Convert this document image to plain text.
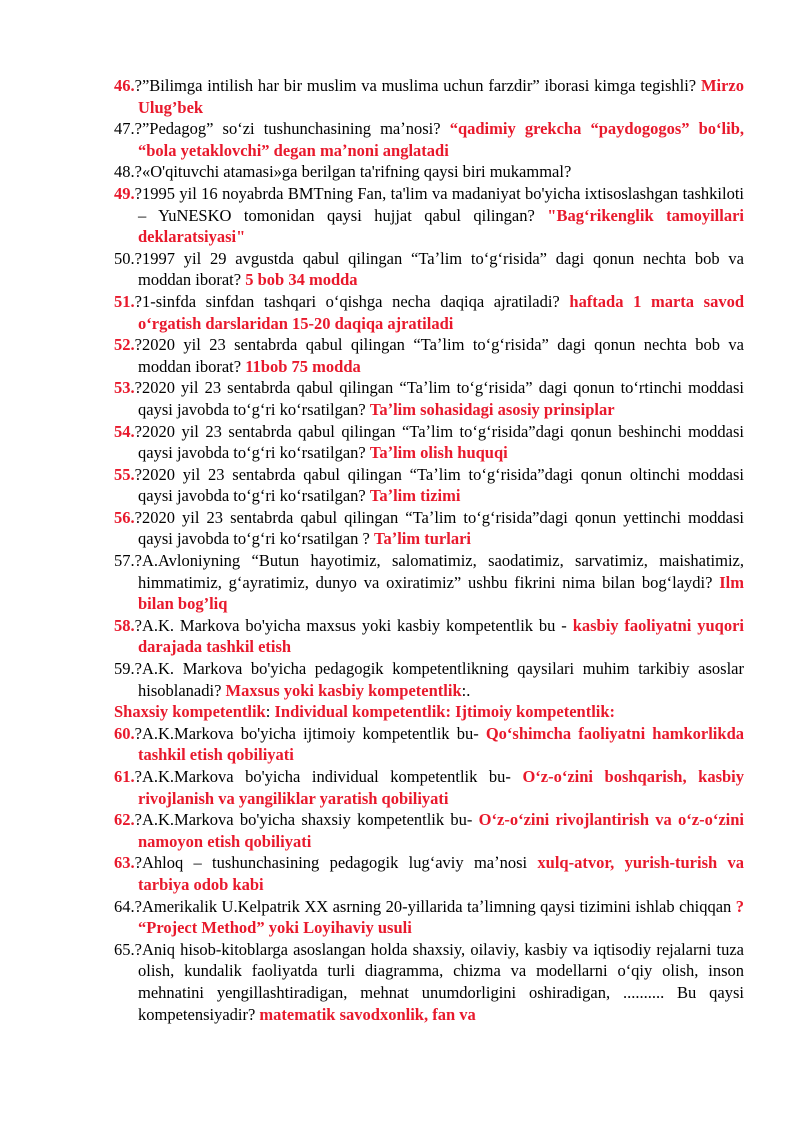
46.?”Bilimga intilish har bir muslim va muslima uchun farzdir” iborasi kimga tegishli? Mirzo Ulug’bek
47.?”Pedagog” soʻzi tushunchasining maʼnosi? “qadimiy grekcha “paydogogos” boʻlib, “bola yetaklovchi” degan maʼnoni anglatadi
48.?«O'qituvchi atamasi»ga berilgan ta'rifning qaysi biri mukammal?
49.?1995 yil 16 noyabrda BMTning Fan, ta'lim va madaniyat bo'yicha ixtisoslashgan tashkiloti – YuNESKO tomonidan qaysi hujjat qabul qilingan? "Bagʻrikenglik tamoyillari deklaratsiyasi"
50.?1997 yil 29 avgustda qabul qilingan “Taʼlim toʻgʻrisida” dagi qonun nechta bob va moddan iborat? 5 bob 34 modda
51.?1-sinfda sinfdan tashqari oʻqishga necha daqiqa ajratiladi? haftada 1 marta savod oʻrgatish darslaridan 15-20 daqiqa ajratiladi
52.?2020 yil 23 sentabrda qabul qilingan “Taʼlim toʻgʻrisida” dagi qonun nechta bob va moddan iborat? 11bob 75 modda
53.?2020 yil 23 sentabrda qabul qilingan “Taʼlim toʻgʻrisida” dagi qonun toʻrtinchi moddasi qaysi javobda toʻgʻri koʻrsatilgan? Taʼlim sohasidagi asosiy prinsiplar
54.?2020 yil 23 sentabrda qabul qilingan “Taʼlim toʻgʻrisida”dagi qonun beshinchi moddasi qaysi javobda toʻgʻri koʻrsatilgan? Taʼlim olish huquqi
55.?2020 yil 23 sentabrda qabul qilingan “Taʼlim toʻgʻrisida”dagi qonun oltinchi moddasi qaysi javobda toʻgʻri koʻrsatilgan? Taʼlim tizimi
56.?2020 yil 23 sentabrda qabul qilingan “Taʼlim toʻgʻrisida”dagi qonun yettinchi moddasi qaysi javobda toʻgʻri koʻrsatilgan ? Taʼlim turlari
57.?A.Avloniyning “Butun hayotimiz, salomatimiz, saodatimiz, sarvatimiz, maishatimiz, himmatimiz, gʻayratimiz, dunyo va oxiratimiz” ushbu fikrini nima bilan bogʻlaydi? Ilm bilan bog’liq
58.?A.K. Markova bo'yicha maxsus yoki kasbiy kompetentlik bu - kasbiy faoliyatni yuqori darajada tashkil etish
59.?A.K. Markova bo'yicha pedagogik kompetentlikning qaysilari muhim tarkibiy asoslar hisoblanadi? Maxsus yoki kasbiy kompetentlik:.
Shaxsiy kompetentlik: Individual kompetentlik: Ijtimoiy kompetentlik:
60.?A.K.Markova bo'yicha ijtimoiy kompetentlik bu- Qoʻshimcha faoliyatni hamkorlikda tashkil etish qobiliyati
61.?A.K.Markova bo'yicha individual kompetentlik bu- Oʻz-oʻzini boshqarish, kasbiy rivojlanish va yangiliklar yaratish qobiliyati
62.?A.K.Markova bo'yicha shaxsiy kompetentlik bu- Oʻz-oʻzini rivojlantirish va oʻz-oʻzini namoyon etish qobiliyati
63.?Ahloq – tushunchasining pedagogik lugʻaviy maʼnosi xulq-atvor, yurish-turish va tarbiya odob kabi
64.?Amerikalik U.Kelpatrik XX asrning 20-yillarida taʼlimning qaysi tizimini ishlab chiqqan ? “Project Method” yoki Loyihaviy usuli
65.?Aniq hisob-kitoblarga asoslangan holda shaxsiy, oilaviy, kasbiy va iqtisodiy rejalarni tuza olish, kundalik faoliyatda turli diagramma, chizma va modellarni oʻqiy olish, inson mehnatini yengillashtiradigan, mehnat unumdorligini oshiradigan, .......... Bu qaysi kompetensiyadir? matematik savodxonlik, fan va
